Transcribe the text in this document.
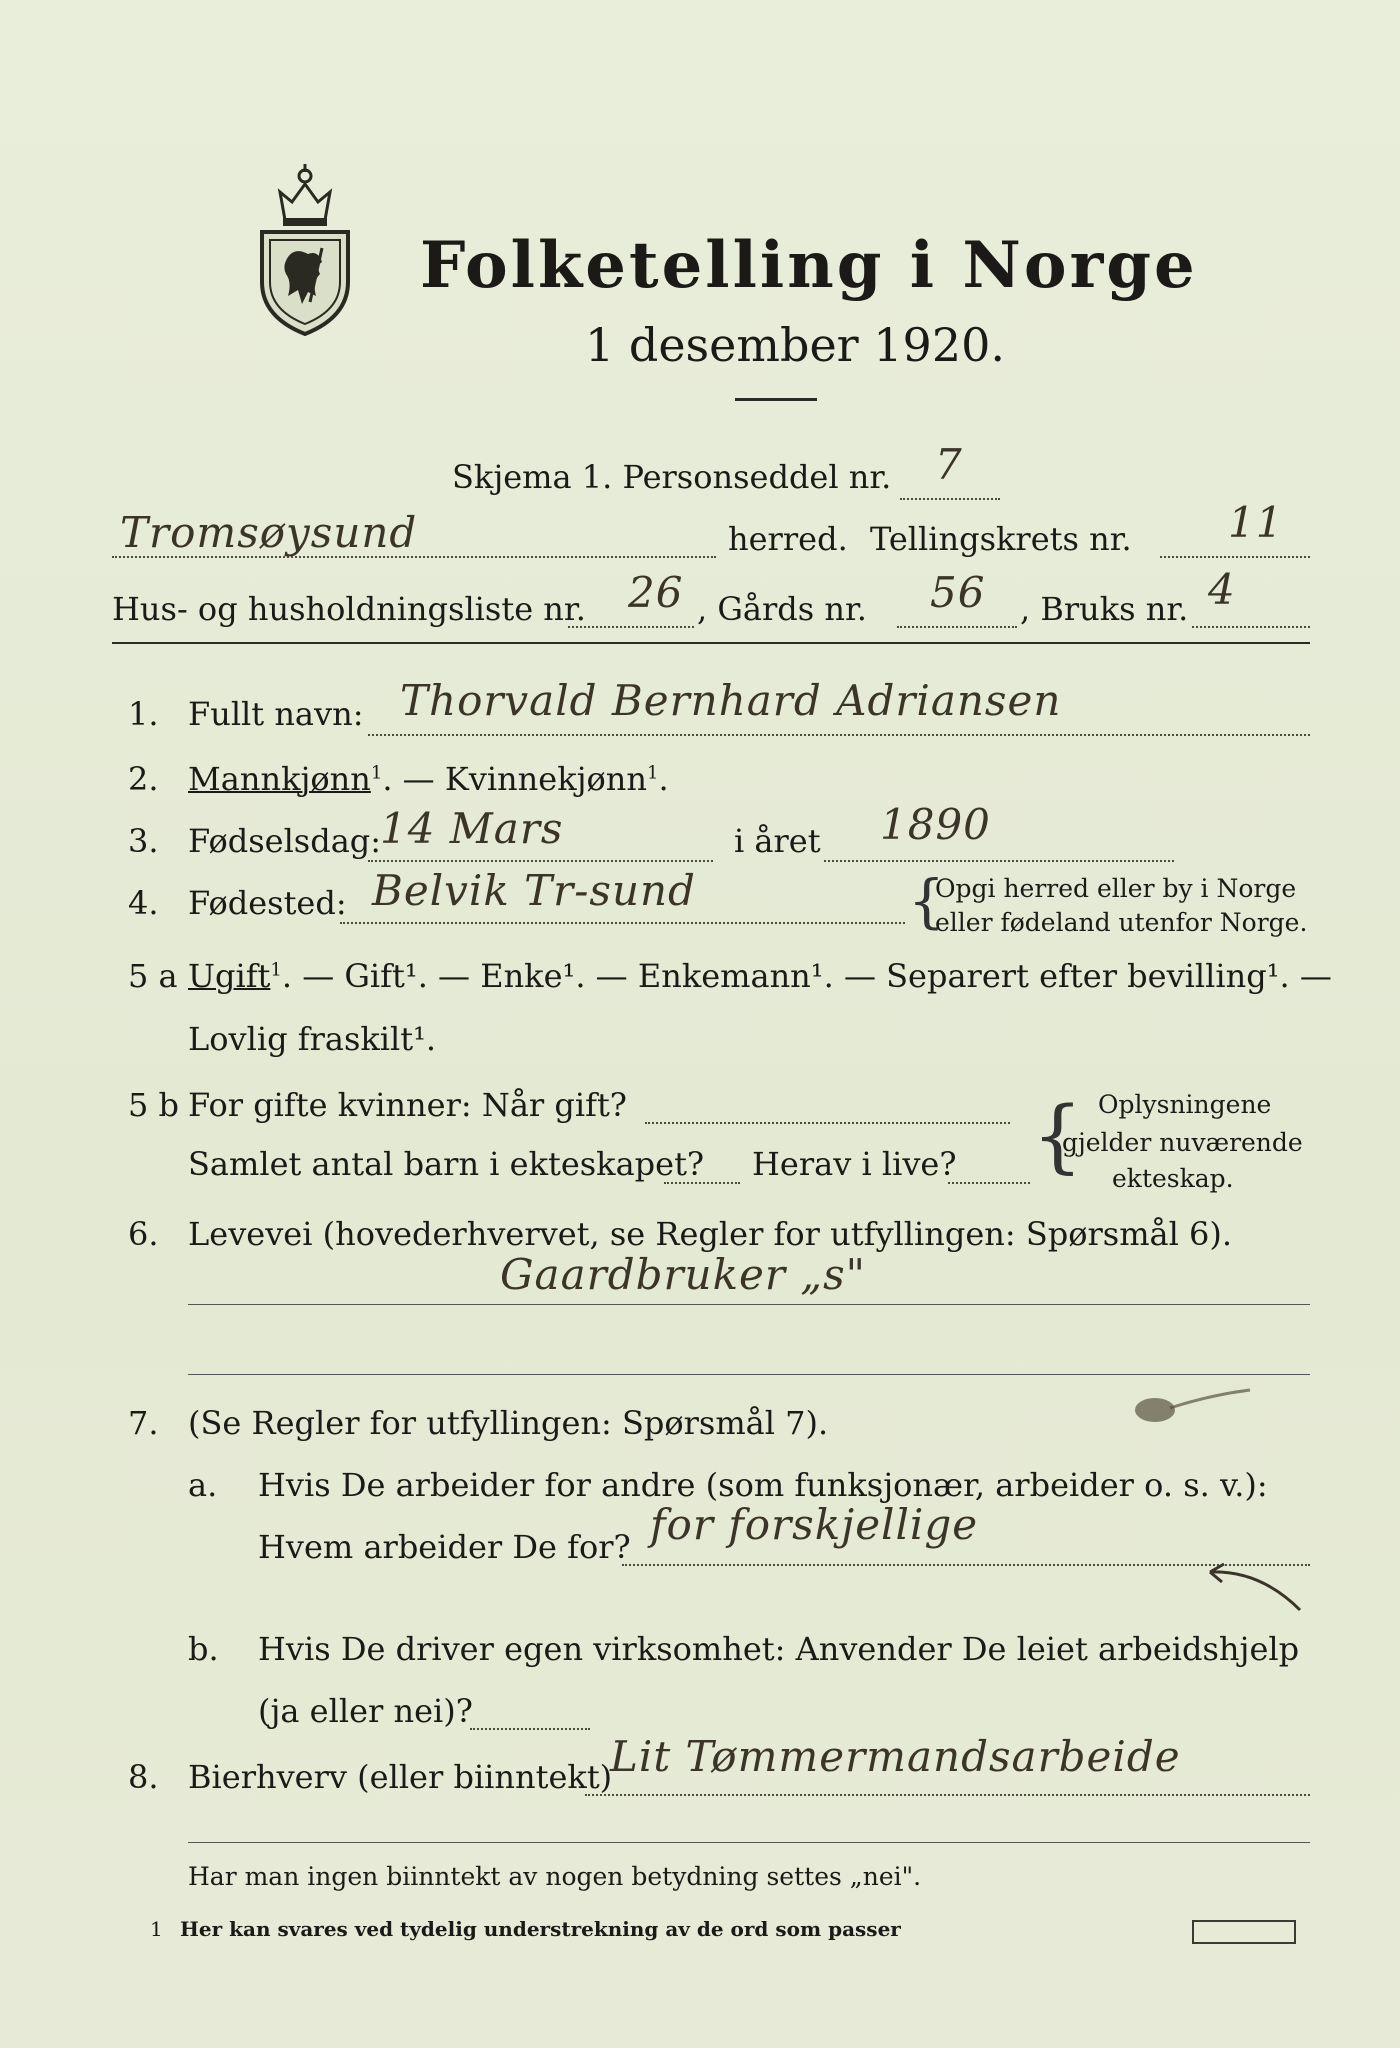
Folketelling i Norge
1 desember 1920.
Skjema 1. Personseddel nr. 7
Tromsøysund	herred. Tellingskrets nr. 11
Hus- og husholdningsliste nr. 26 , Gårds nr. 56 , Bruks nr. 4
1. Fullt navn: Thorvald Bernhard Adriansen
2. Mannkjønn$^1$. — Kvinnekjønn$^1$.
3. Fødselsdag:
14 Mars	i året 1890
4. Fødested: Belvik Tr-sund	{
Opgi herred eller by i Norge
eller fødeland utenfor Norge.
5 a Ugift$^1$. — Gift¹. — Enke¹. — Enkemann¹. — Separert efter bevilling¹. —
Lovlig fraskilt¹.
5 b For gifte kvinner: Når gift?
Samlet antal barn i ekteskapet? Herav i live? { Oplysningene
gjelder nuværende
ekteskap.
6. Levevei (hovederhvervet, se Regler for utfyllingen: Spørsmål 6).
Gaardbruker „s"
7. (Se Regler for utfyllingen: Spørsmål 7).
a. Hvis De arbeider for andre (som funksjonær, arbeider o. s. v.):
Hvem arbeider De for? for forskjellige
b. Hvis De driver egen virksomhet: Anvender De leiet arbeidshjelp
(ja eller nei)?
8. Bierhverv (eller biinntekt)
Lit Tømmermandsarbeide
Har man ingen biinntekt av nogen betydning settes „nei".
1 Her kan svares ved tydelig understrekning av de ord som passer
